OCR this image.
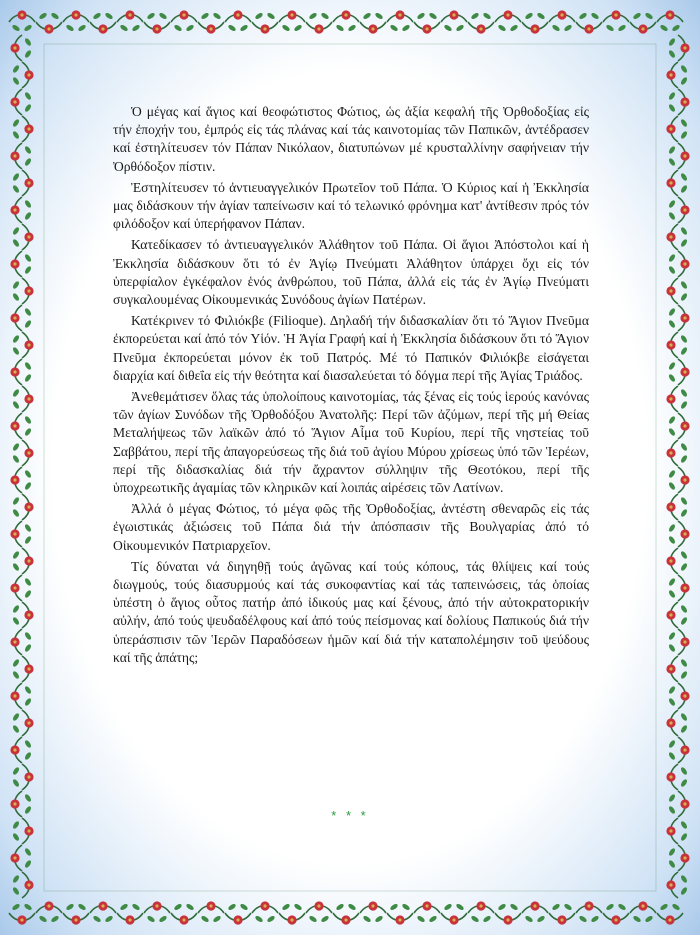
Ὁ μέγας καί ἅγιος καί θεοφώτιστος Φώτιος, ὡς ἀξία κεφαλή τῆς Ὀρθοδοξίας εἰς τήν ἐποχήν του, ἐμπρός εἰς τάς πλάνας καί τάς καινοτομίας τῶν Παπικῶν, ἀντέδρασεν καί ἐστηλίτευσεν τόν Πάπαν Νικόλαον, διατυπώνων μέ κρυσταλλίνην σαφήνειαν τήν Ὀρθόδοξον πίστιν.

Ἐστηλίτευσεν τό ἀντιευαγγελικόν Πρωτεῖον τοῦ Πάπα. Ὁ Κύριος καί ἡ Ἐκκλησία μας διδάσκουν τήν ἁγίαν ταπείνωσιν καί τό τελωνικό φρόνημα κατ' ἀντίθεσιν πρός τόν φιλόδοξον καί ὑπερήφανον Πάπαν.

Κατεδίκασεν τό ἀντιευαγγελικόν Ἀλάθητον τοῦ Πάπα. Οἱ ἅγιοι Ἀπόστολοι καί ἡ Ἐκκλησία διδάσκουν ὅτι τό ἐν Ἁγίῳ Πνεύματι Ἀλάθητον ὑπάρχει ὄχι εἰς τόν ὑπερφίαλον ἐγκέφαλον ἑνός ἀνθρώπου, τοῦ Πάπα, ἀλλά εἰς τάς ἐν Ἁγίῳ Πνεύματι συγκαλουμένας Οἰκουμενικάς Συνόδους ἁγίων Πατέρων.

Κατέκρινεν τό Φιλιόκβε (Filioque). Δηλαδή τήν διδασκαλίαν ὅτι τό Ἅγιον Πνεῦμα ἐκπορεύεται καί ἀπό τόν Υἱόν. Ἡ Ἁγία Γραφή καί ἡ Ἐκκλησία διδάσκουν ὅτι τό Ἅγιον Πνεῦμα ἐκπορεύεται μόνον ἐκ τοῦ Πατρός. Μέ τό Παπικόν Φιλιόκβε εἰσάγεται διαρχία καί διθεΐα εἰς τήν θεότητα καί διασαλεύεται τό δόγμα περί τῆς Ἁγίας Τριάδος.

Ἀνεθεμάτισεν ὅλας τάς ὑπολοίπους καινοτομίας, τάς ξένας εἰς τούς ἱερούς κανόνας τῶν ἁγίων Συνόδων τῆς Ὀρθοδόξου Ἀνατολῆς: Περί τῶν ἀζύμων, περί τῆς μή Θείας Μεταλήψεως τῶν λαϊκῶν ἀπό τό Ἅγιον Αἷμα τοῦ Κυρίου, περί τῆς νηστείας τοῦ Σαββάτου, περί τῆς ἀπαγορεύσεως τῆς διά τοῦ ἁγίου Μύρου χρίσεως ὑπό τῶν Ἱερέων, περί τῆς διδασκαλίας διά τήν ἄχραντον σύλληψιν τῆς Θεοτόκου, περί τῆς ὑποχρεωτικῆς ἀγαμίας τῶν κληρικῶν καί λοιπάς αἱρέσεις τῶν Λατίνων.

Ἀλλά ὁ μέγας Φώτιος, τό μέγα φῶς τῆς Ὀρθοδοξίας, ἀντέστη σθεναρῶς εἰς τάς ἐγωιστικάς ἀξιώσεις τοῦ Πάπα διά τήν ἀπόσπασιν τῆς Βουλγαρίας ἀπό τό Οἰκουμενικόν Πατριαρχεῖον.

Τίς δύναται νά διηγηθῇ τούς ἀγῶνας καί τούς κόπους, τάς θλίψεις καί τούς διωγμούς, τούς διασυρμούς καί τάς συκοφαντίας καί τάς ταπεινώσεις, τάς ὁποίας ὑπέστη ὁ ἅγιος οὗτος πατήρ ἀπό ἰδικούς μας καί ξένους, ἀπό τήν αὐτοκρατορικήν αὐλήν, ἀπό τούς ψευδαδέλφους καί ἀπό τούς πείσμονας καί δολίους Παπικούς διά τήν ὑπεράσπισιν τῶν Ἱερῶν Παραδόσεων ἡμῶν καί διά τήν καταπολέμησιν τοῦ ψεύδους καί τῆς ἀπάτης;

* * *
